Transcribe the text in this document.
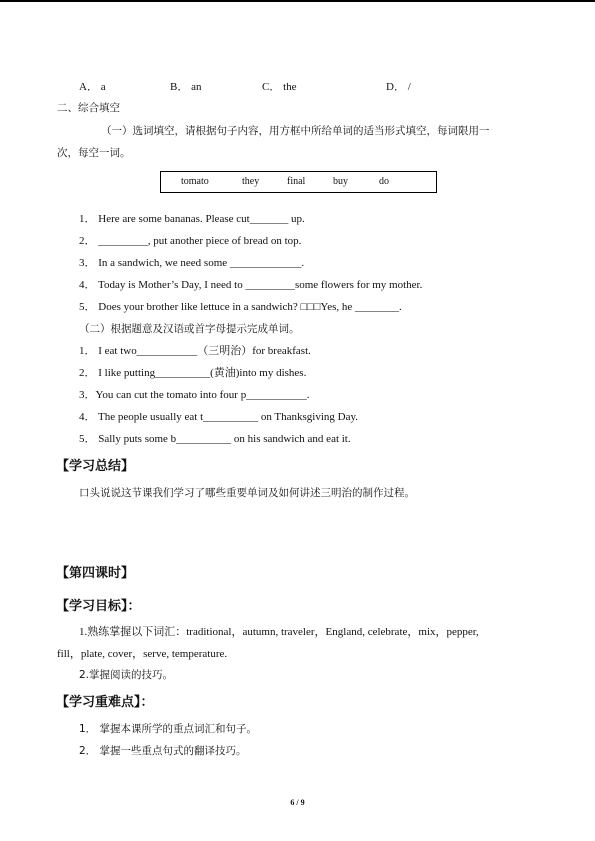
A． a	B． an	C． the	D． /
二、综合填空
（一）选词填空，请根据句子内容，用方框中所给单词的适当形式填空，每词限用一
次，每空一词。
tomato	they	final	buy	do
1． Here are some bananas. Please cut_______ up.
2． _________, put another piece of bread on top.
3． In a sandwich, we need some _____________.
4． Today is Mother’s Day, I need to _________some flowers for my mother.
5． Does your brother like lettuce in a sandwich? □□□Yes, he ________.
（二）根据题意及汉语或首字母提示完成单词。
1． I eat two___________（三明治）for breakfast.
2． I like putting__________(黄油)into my dishes.
3．You can cut the tomato into four p___________.
4． The people usually eat t__________ on Thanksgiving Day.
5． Sally puts some b__________ on his sandwich and eat it.
【学习总结】
口头说说这节课我们学习了哪些重要单词及如何讲述三明治的制作过程。
【第四课时】
【学习目标】：
1.熟练掌握以下词汇：traditional，autumn, traveler，England, celebrate，mix，pepper,
fill，plate, cover，serve, temperature.
2.掌握阅读的技巧。
【学习重难点】：
1． 掌握本课所学的重点词汇和句子。
2． 掌握一些重点句式的翻译技巧。
6 / 9
